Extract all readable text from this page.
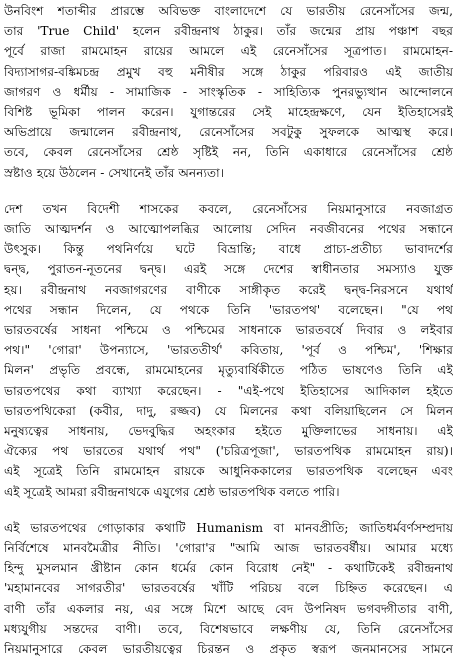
উনবিংশ শতাব্দীর প্রারম্ভে অবিভক্ত বাংলাদেশে যে ভারতীয় রেনেসাঁসের জন্ম,
তার 'True Child' হলেন রবীন্দ্রনাথ ঠাকুর। তাঁর জন্মের প্রায় পঞ্চাশ বছর
পূর্বে রাজা রামমোহন রায়ের আমলে এই রেনেসাঁসের সূত্রপাত। রামমোহন-
বিদ্যাসাগর-বঙ্কিমচন্দ্র প্রমুখ বহু মনীষীর সঙ্গে ঠাকুর পরিবারও এই জাতীয়
জাগরণ ও ধর্মীয় - সামাজিক - সাংস্কৃতিক - সাহিত্যিক পুনরভ্যুত্থান আন্দোলনে
বিশিষ্ট ভূমিকা পালন করেন। যুগান্তরের সেই মাহেন্দ্রক্ষণে, যেন ইতিহাসেরই
অভিপ্রায়ে জন্মালেন রবীন্দ্রনাথ, রেনেসাঁসের সবটুকু সুফলকে আত্মস্থ করে।
তবে, কেবল রেনেসাঁসের শ্রেষ্ঠ সৃষ্টিই নন, তিনি একাধারে রেনেসাঁসের শ্রেষ্ঠ
স্রষ্টাও হয়ে উঠলেন - সেখানেই তাঁর অনন্যতা।
দেশ তখন বিদেশী শাসকের কবলে, রেনেসাঁসের নিয়মানুসারে নবজাগ্রত
জাতি আত্মদর্শন ও আত্মোপলব্ধির আলোয় সেদিন নবজীবনের পথের সন্ধানে
উৎসুক। কিন্তু পথনির্ণয়ে ঘটে বিভ্রান্তি; বাধে প্রাচ্য-প্রতীচ্য ভাবাদর্শের
দ্বন্দ্ব, পুরাতন-নূতনের দ্বন্দ্ব। এরই সঙ্গে দেশের স্বাধীনতার সমস্যাও যুক্ত
হয়। রবীন্দ্রনাথ নবজাগরণের বাণীকে সাঙ্গীকৃত করেই দ্বন্দ্ব-নিরসনে যথার্থ
পথের সন্ধান দিলেন, যে পথকে তিনি 'ভারতপথ' বলেছেন। "যে পথ
ভারতবর্ষের সাধনা পশ্চিমে ও পশ্চিমের সাধনাকে ভারতবর্ষে দিবার ও লইবার
পথ।" 'গোরা' উপন্যাসে, 'ভারততীর্থ' কবিতায়, 'পূর্ব ও পশ্চিম', 'শিক্ষার
মিলন' প্রভৃতি প্রবন্ধে, রামমোহনের মৃত্যুবার্ষিকীতে পঠিত ভাষণেও তিনি এই
ভারতপথের কথা ব্যাখ্যা করেছেন। - "এই-পথে ইতিহাসের আদিকাল হইতে
ভারতপথিকেরা (কবীর, দাদু, রজ্জব) যে মিলনের কথা বলিয়াছিলেন সে মিলন
মনুষ্যত্বের সাধনায়, ভেদবুদ্ধির অহংকার হইতে মুক্তিলাভের সাধনায়। এই
ঐক্যের পথ ভারতের যথার্থ পথ" ('চরিত্রপূজা', ভারতপথিক রামমোহন রায়)।
এই সূত্রেই তিনি রামমোহন রায়কে আধুনিককালের ভারতপথিক বলেছেন এবং
এই সূত্রেই আমরা রবীন্দ্রনাথকে এযুগের শ্রেষ্ঠ ভারতপথিক বলতে পারি।
এই ভারতপথের গোড়াকার কথাটি Humanism বা মানবপ্রীতি; জাতিধর্মবর্ণসম্প্রদায়
নির্বিশেষে মানবমৈত্রীর নীতি। 'গোরা'র "আমি আজ ভারতবর্ষীয়। আমার মধ্যে
হিন্দু মুসলমান খ্রীষ্টান কোন ধর্মের কোন বিরোধ নেই" - কথাটিকেই রবীন্দ্রনাথ
'মহামানবের সাগরতীর' ভারতবর্ষের খাঁটি পরিচয় বলে চিহ্নিত করেছেন। এ
বাণী তাঁর একলার নয়, এর সঙ্গে মিশে আছে বেদ উপনিষদ ভগবদ্গীতার বাণী,
মধ্যযুগীয় সন্তদের বাণী। তবে, বিশেষভাবে লক্ষণীয় যে, তিনি রেনেসাঁসের
নিয়মানুসারে কেবল ভারতীয়ত্বের চিরন্তন ও প্রকৃত স্বরূপ জনমানসের সামনে
